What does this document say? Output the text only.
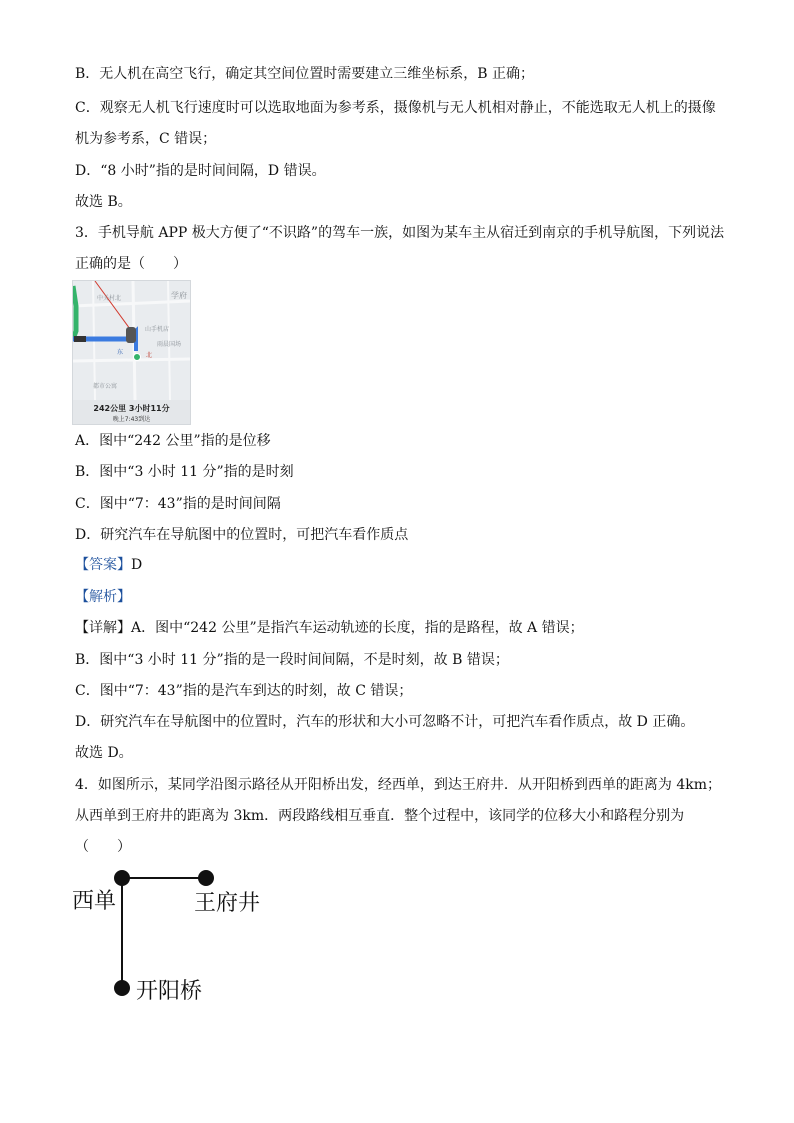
B．无人机在高空飞行，确定其空间位置时需要建立三维坐标系，B 正确；
C．观察无人机飞行速度时可以选取地面为参考系，摄像机与无人机相对静止，不能选取无人机上的摄像
机为参考系，C 错误；
D．“8 小时”指的是时间间隔，D 错误。
故选 B。
3．手机导航 APP 极大方便了“不识路”的驾车一族，如图为某车主从宿迁到南京的手机导航图，下列说法
正确的是（　　）
中关村北	学府
山手机店
东	北
雨晨国场
都市公寓
242公里 3小时11分
晚上7:43到达
A．图中“242 公里”指的是位移
B．图中“3 小时 11 分”指的是时刻
C．图中“7：43”指的是时间间隔
D．研究汽车在导航图中的位置时，可把汽车看作质点
【答案】D
【解析】
【详解】A．图中“242 公里”是指汽车运动轨迹的长度，指的是路程，故 A 错误；
B．图中“3 小时 11 分”指的是一段时间间隔，不是时刻，故 B 错误；
C．图中“7：43”指的是汽车到达的时刻，故 C 错误；
D．研究汽车在导航图中的位置时，汽车的形状和大小可忽略不计，可把汽车看作质点，故 D 正确。
故选 D。
4．如图所示，某同学沿图示路径从开阳桥出发，经西单，到达王府井．从开阳桥到西单的距离为 4km；
从西单到王府井的距离为 3km．两段路线相互垂直．整个过程中，该同学的位移大小和路程分别为
（　　）
西单	王府井
开阳桥
